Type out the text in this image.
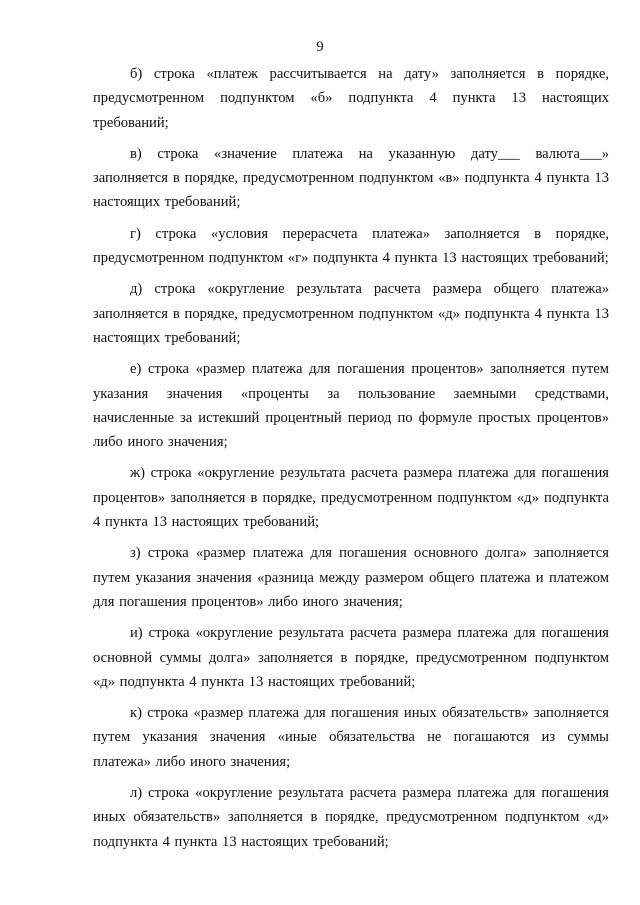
9

б) строка «платеж рассчитывается на дату» заполняется в порядке, предусмотренном подпунктом «б» подпункта 4 пункта 13 настоящих требований;

в) строка «значение платежа на указанную дату___ валюта___» заполняется в порядке, предусмотренном подпунктом «в» подпункта 4 пункта 13 настоящих требований;

г) строка «условия перерасчета платежа» заполняется в порядке, предусмотренном подпунктом «г» подпункта 4 пункта 13 настоящих требований;

д) строка «округление результата расчета размера общего платежа» заполняется в порядке, предусмотренном подпунктом «д» подпункта 4 пункта 13 настоящих требований;

е) строка «размер платежа для погашения процентов» заполняется путем указания значения «проценты за пользование заемными средствами, начисленные за истекший процентный период по формуле простых процентов» либо иного значения;

ж) строка «округление результата расчета размера платежа для погашения процентов» заполняется в порядке, предусмотренном подпунктом «д» подпункта 4 пункта 13 настоящих требований;

з) строка «размер платежа для погашения основного долга» заполняется путем указания значения «разница между размером общего платежа и платежом для погашения процентов» либо иного значения;

и) строка «округление результата расчета размера платежа для погашения основной суммы долга» заполняется в порядке, предусмотренном подпунктом «д» подпункта 4 пункта 13 настоящих требований;

к) строка «размер платежа для погашения иных обязательств» заполняется путем указания значения «иные обязательства не погашаются из суммы платежа» либо иного значения;

л) строка «округление результата расчета размера платежа для погашения иных обязательств» заполняется в порядке, предусмотренном подпунктом «д» подпункта 4 пункта 13 настоящих требований;
